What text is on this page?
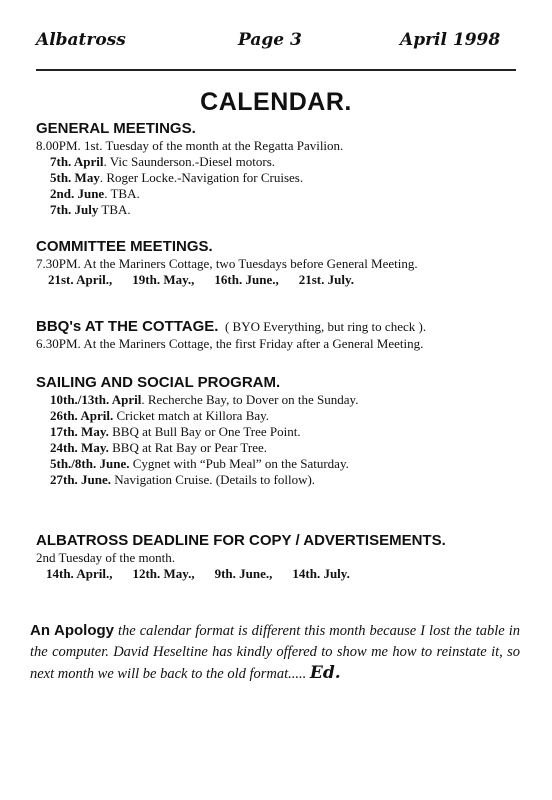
Albatross	Page 3	April 1998
CALENDAR.
GENERAL MEETINGS.
8.00PM. 1st. Tuesday of the month at the Regatta Pavilion.
7th. April. Vic Saunderson.-Diesel motors.
5th. May. Roger Locke.-Navigation for Cruises.
2nd. June. TBA.
7th. July TBA.
COMMITTEE MEETINGS.
7.30PM. At the Mariners Cottage, two Tuesdays before General Meeting.
21st. April., 19th. May., 16th. June., 21st. July.
BBQ's AT THE COTTAGE. ( BYO Everything, but ring to check ).
6.30PM. At the Mariners Cottage, the first Friday after a General Meeting.
SAILING AND SOCIAL PROGRAM.
10th./13th. April. Recherche Bay, to Dover on the Sunday.
26th. April. Cricket match at Killora Bay.
17th. May. BBQ at Bull Bay or One Tree Point.
24th. May. BBQ at Rat Bay or Pear Tree.
5th./8th. June. Cygnet with “Pub Meal” on the Saturday.
27th. June. Navigation Cruise. (Details to follow).
ALBATROSS DEADLINE FOR COPY / ADVERTISEMENTS.
2nd Tuesday of the month.
14th. April., 12th. May., 9th. June., 14th. July.
An Apology the calendar format is different this month because I lost the table in the computer. David Heseltine has kindly offered to show me how to reinstate it, so next month we will be back to the old format..... Ed.
